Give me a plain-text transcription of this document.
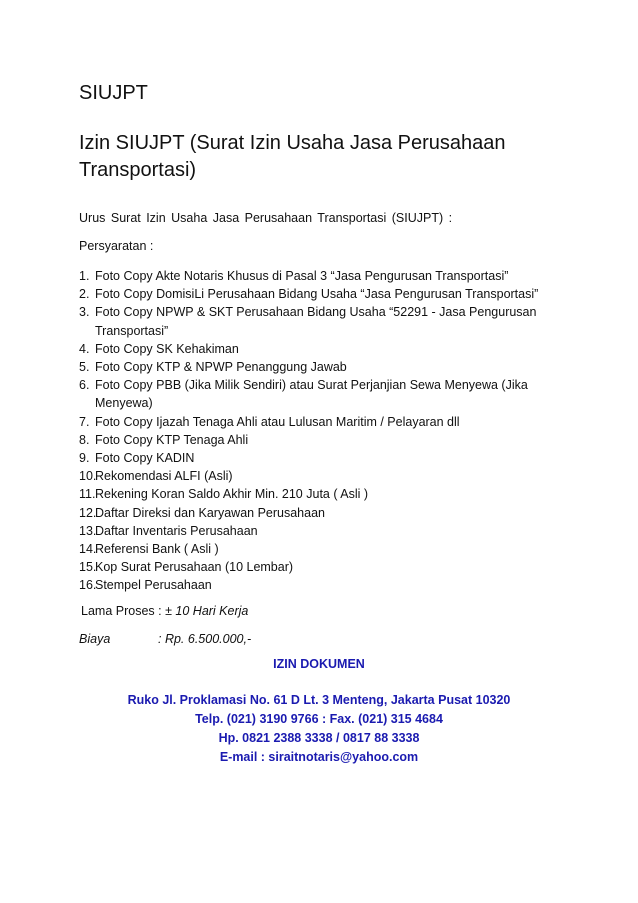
SIUJPT
Izin SIUJPT (Surat Izin Usaha Jasa Perusahaan Transportasi)
Urus Surat Izin Usaha Jasa Perusahaan Transportasi (SIUJPT) :
Persyaratan :
1. Foto Copy Akte Notaris Khusus di Pasal 3 “Jasa Pengurusan Transportasi”
2. Foto Copy DomisiLi Perusahaan Bidang Usaha “Jasa Pengurusan Transportasi”
3. Foto Copy NPWP & SKT Perusahaan Bidang Usaha “52291 - Jasa Pengurusan Transportasi”
4. Foto Copy SK Kehakiman
5. Foto Copy KTP & NPWP Penanggung Jawab
6. Foto Copy PBB (Jika Milik Sendiri) atau Surat Perjanjian Sewa Menyewa (Jika Menyewa)
7. Foto Copy Ijazah Tenaga Ahli atau Lulusan Maritim / Pelayaran dll
8. Foto Copy KTP Tenaga Ahli
9. Foto Copy KADIN
10.
Rekomendasi ALFI (Asli)
11. Rekening Koran Saldo Akhir Min. 210 Juta ( Asli )
12.
Daftar Direksi dan Karyawan Perusahaan
13.
Daftar Inventaris Perusahaan
14.
Referensi Bank ( Asli )
15.
Kop Surat Perusahaan (10 Lembar)
16.
Stempel Perusahaan
Lama Proses : ± 10 Hari Kerja
Biaya	: Rp. 6.500.000,-
IZIN DOKUMEN
Ruko Jl. Proklamasi No. 61 D Lt. 3 Menteng, Jakarta Pusat 10320
Telp. (021) 3190 9766 : Fax. (021) 315 4684
Hp. 0821 2388 3338 / 0817 88 3338
E-mail : siraitnotaris@yahoo.com
